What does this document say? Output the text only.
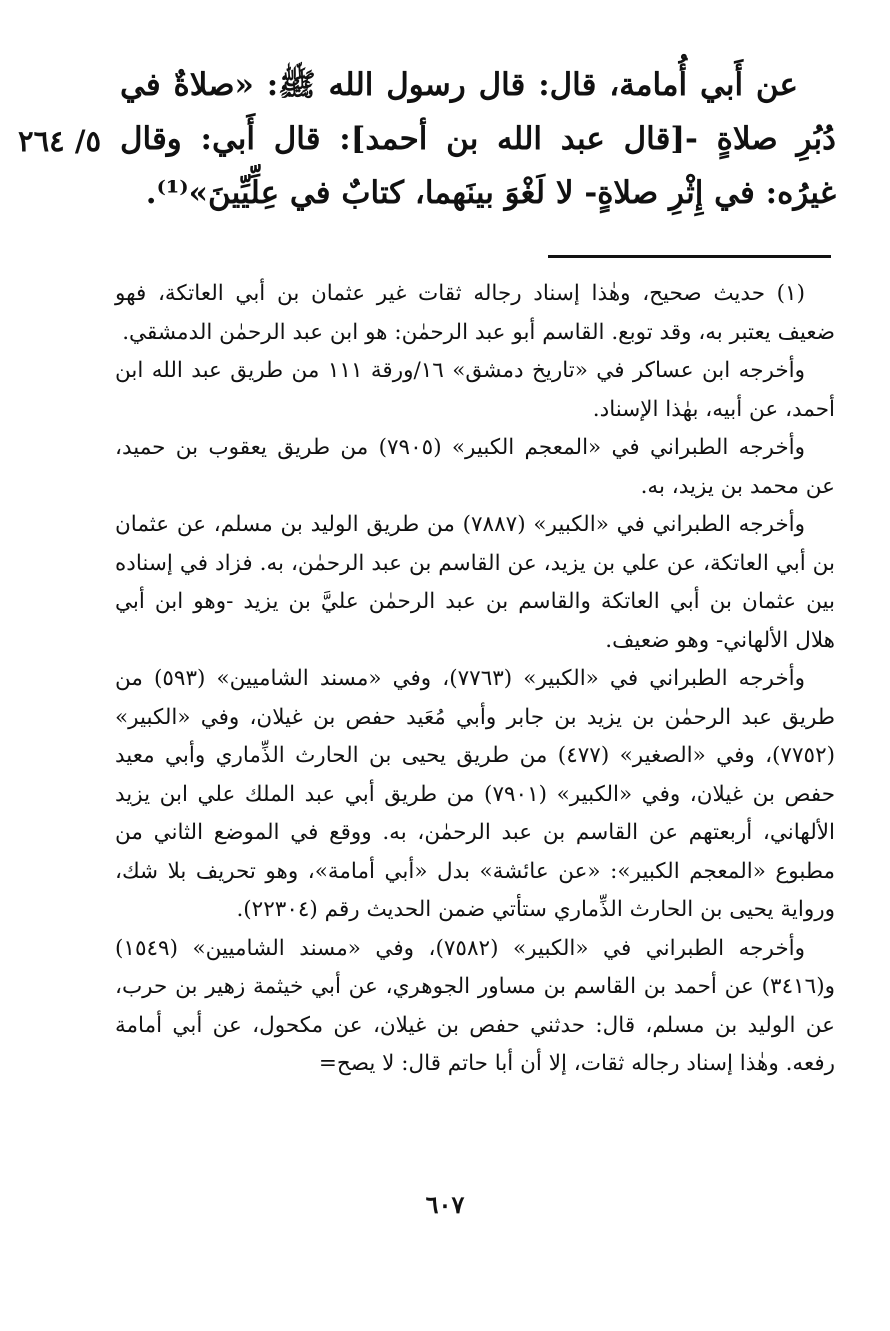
عن أَبي أُمامة، قال: قال رسول الله ﷺ: «صلاةٌ في دُبُرِ صلاةٍ -[قال عبد الله بن أحمد]: قال أَبي: وقال غيرُه: في إِثْرِ صلاةٍ- لا لَغْوَ بينَهما، كتابٌ في عِلِّيِّينَ»⁽¹⁾.

٥/ ٢٦٤

(١) حديث صحيح، وهٰذا إسناد رجاله ثقات غير عثمان بن أبي العاتكة، فهو ضعيف يعتبر به، وقد توبع. القاسم أبو عبد الرحمٰن: هو ابن عبد الرحمٰن الدمشقي.

وأخرجه ابن عساكر في «تاريخ دمشق» ١٦/ورقة ١١١ من طريق عبد الله ابن أحمد، عن أبيه، بهٰذا الإسناد.

وأخرجه الطبراني في «المعجم الكبير» (٧٩٠٥) من طريق يعقوب بن حميد، عن محمد بن يزيد، به.

وأخرجه الطبراني في «الكبير» (٧٨٨٧) من طريق الوليد بن مسلم، عن عثمان بن أبي العاتكة، عن علي بن يزيد، عن القاسم بن عبد الرحمٰن، به. فزاد في إسناده بين عثمان بن أبي العاتكة والقاسم بن عبد الرحمٰن عليَّ بن يزيد -وهو ابن أبي هلال الألهاني- وهو ضعيف.

وأخرجه الطبراني في «الكبير» (٧٧٦٣)، وفي «مسند الشاميين» (٥٩٣) من طريق عبد الرحمٰن بن يزيد بن جابر وأبي مُعَيد حفص بن غيلان، وفي «الكبير» (٧٧٥٢)، وفي «الصغير» (٤٧٧) من طريق يحيى بن الحارث الذِّماري وأبي معيد حفص بن غيلان، وفي «الكبير» (٧٩٠١) من طريق أبي عبد الملك علي ابن يزيد الألهاني، أربعتهم عن القاسم بن عبد الرحمٰن، به. ووقع في الموضع الثاني من مطبوع «المعجم الكبير»: «عن عائشة» بدل «أبي أمامة»، وهو تحريف بلا شك، ورواية يحيى بن الحارث الذِّماري ستأتي ضمن الحديث رقم (٢٢٣٠٤).

وأخرجه الطبراني في «الكبير» (٧٥٨٢)، وفي «مسند الشاميين» (١٥٤٩) و(٣٤١٦) عن أحمد بن القاسم بن مساور الجوهري، عن أبي خيثمة زهير بن حرب، عن الوليد بن مسلم، قال: حدثني حفص بن غيلان، عن مكحول، عن أبي أمامة رفعه. وهٰذا إسناد رجاله ثقات، إلا أن أبا حاتم قال: لا يصح=

٦٠٧
